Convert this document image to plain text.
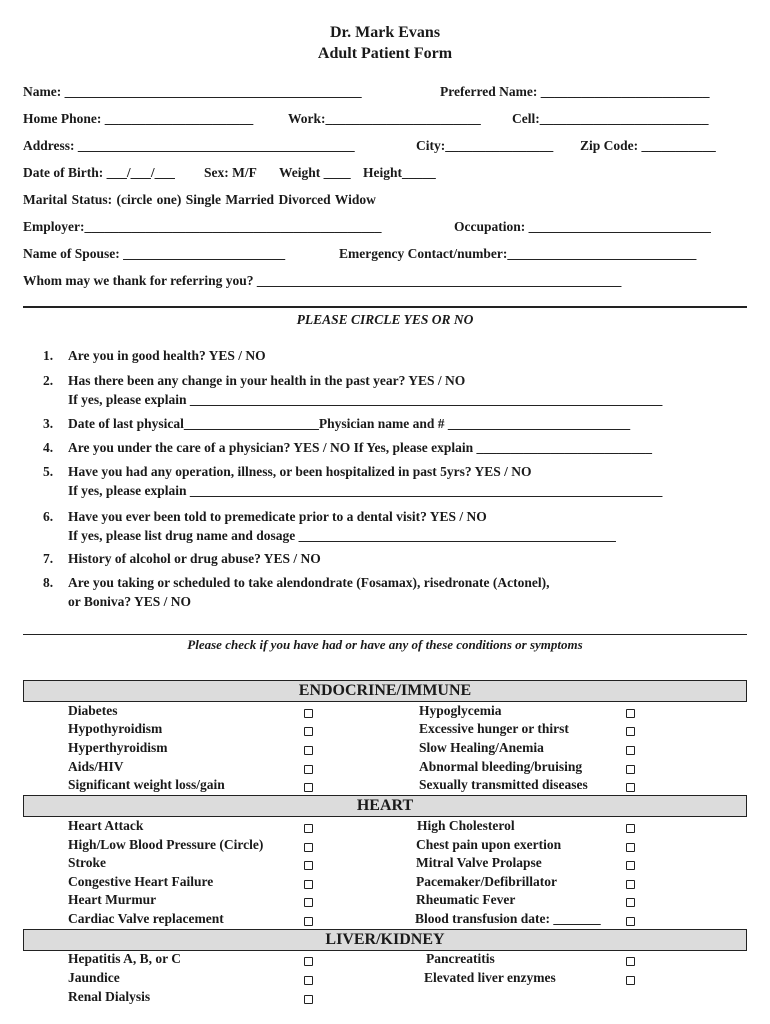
Dr. Mark Evans
Adult Patient Form
Name: ____________________________________________	Preferred Name: _________________________
Home Phone: ______________________	Work:_______________________ Cell:_________________________
Address: _________________________________________	City:________________ Zip Code: ___________
Date of Birth: ___/___/___ Sex: M/F Weight ____ Height_____
Marital Status: (circle one) Single Married Divorced Widow
Employer:____________________________________________	Occupation: ___________________________
Name of Spouse: ________________________	Emergency Contact/number:____________________________
Whom may we thank for referring you? ______________________________________________________
PLEASE CIRCLE YES OR NO
1. Are you in good health? YES / NO
2. Has there been any change in your health in the past year? YES / NO
If yes, please explain ______________________________________________________________________
3. Date of last physical____________________Physician name and # ___________________________
4. Are you under the care of a physician? YES / NO If Yes, please explain __________________________
5. Have you had any operation, illness, or been hospitalized in past 5yrs? YES / NO
If yes, please explain ______________________________________________________________________
6. Have you ever been told to premedicate prior to a dental visit? YES / NO
If yes, please list drug name and dosage _______________________________________________
7. History of alcohol or drug abuse? YES / NO
8. Are you taking or scheduled to take alendondrate (Fosamax), risedronate (Actonel),
or Boniva? YES / NO
Please check if you have had or have any of these conditions or symptoms
ENDOCRINE/IMMUNE
Diabetes	Hypoglycemia
Hypothyroidism	Excessive hunger or thirst
Hyperthyroidism	Slow Healing/Anemia
Aids/HIV	Abnormal bleeding/bruising
Significant weight loss/gain	Sexually transmitted diseases
HEART
Heart Attack	High Cholesterol
High/Low Blood Pressure (Circle)	Chest pain upon exertion
Stroke	Mitral Valve Prolapse
Congestive Heart Failure	Pacemaker/Defibrillator
Heart Murmur	Rheumatic Fever
Cardiac Valve replacement	Blood transfusion date: _______
LIVER/KIDNEY
Hepatitis A, B, or C	Pancreatitis
Jaundice	Elevated liver enzymes
Renal Dialysis
